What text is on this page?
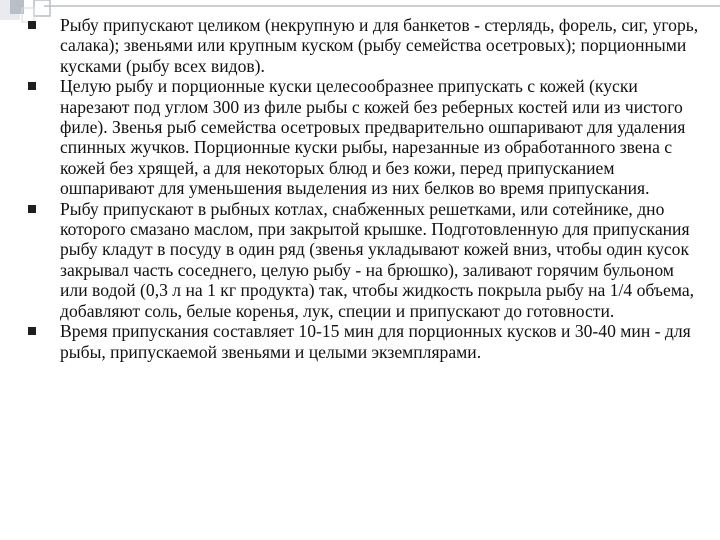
Рыбу припускают целиком (некрупную и для банкетов - стерлядь, форель, сиг, угорь, салака); звеньями или крупным куском (рыбу семейства осетровых); порционными кусками (рыбу всех видов).
Целую рыбу и порционные куски целесообразнее припускать с кожей (куски нарезают под углом 300 из филе рыбы с кожей без реберных костей или из чистого филе). Звенья рыб семейства осетровых предварительно ошпаривают для удаления спинных жучков. Порционные куски рыбы, нарезанные из обработанного звена с кожей без хрящей, а для некоторых блюд и без кожи, перед припусканием ошпаривают для уменьшения выделения из них белков во время припускания.
Рыбу припускают в рыбных котлах, снабженных решетками, или сотейнике, дно которого смазано маслом, при закрытой крышке. Подготовленную для припускания рыбу кладут в посуду в один ряд (звенья укладывают кожей вниз, чтобы один кусок закрывал часть соседнего, целую рыбу - на брюшко), заливают горячим бульоном или водой (0,3 л на 1 кг продукта) так, чтобы жидкость покрыла рыбу на 1/4 объема, добавляют соль, белые коренья, лук, специи и припускают до готовности.
Время припускания составляет 10-15 мин для порционных кусков и 30-40 мин - для рыбы, припускаемой звеньями и целыми экземплярами.
